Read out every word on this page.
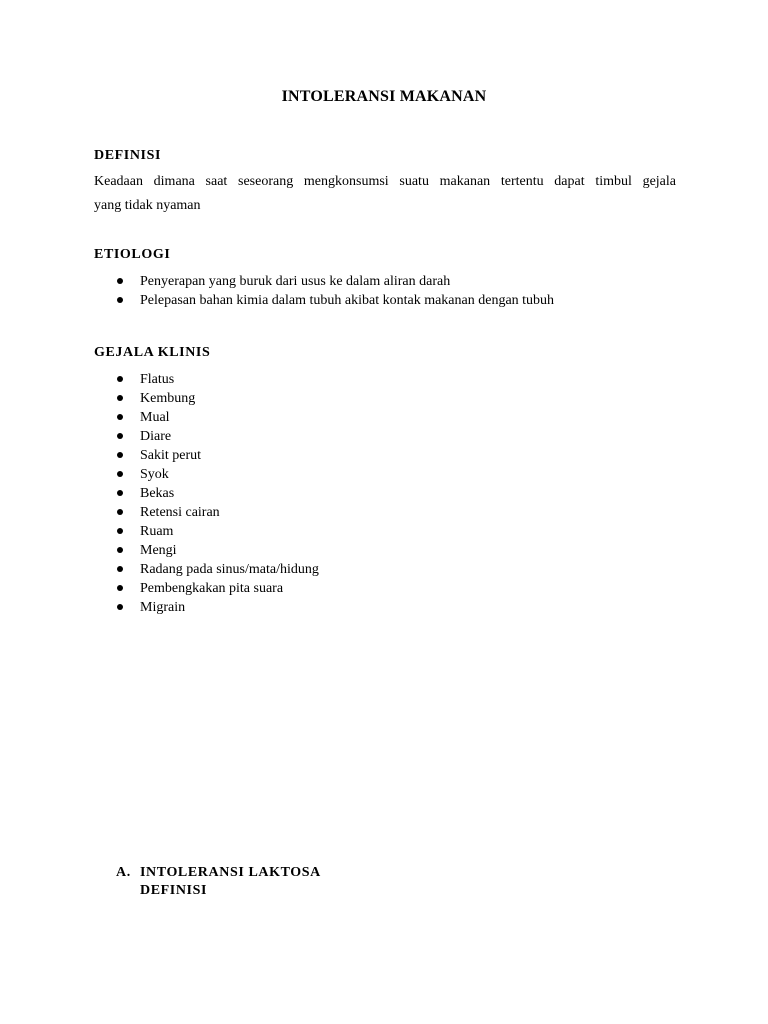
INTOLERANSI MAKANAN
DEFINISI
Keadaan dimana saat seseorang mengkonsumsi suatu makanan tertentu dapat timbul gejala
yang tidak nyaman
ETIOLOGI
Penyerapan yang buruk dari usus ke dalam aliran darah
Pelepasan bahan kimia dalam tubuh akibat kontak makanan dengan tubuh
GEJALA KLINIS
Flatus
Kembung
Mual
Diare
Sakit perut
Syok
Bekas
Retensi cairan
Ruam
Mengi
Radang pada sinus/mata/hidung
Pembengkakan pita suara
Migrain
A. INTOLERANSI LAKTOSA
DEFINISI
